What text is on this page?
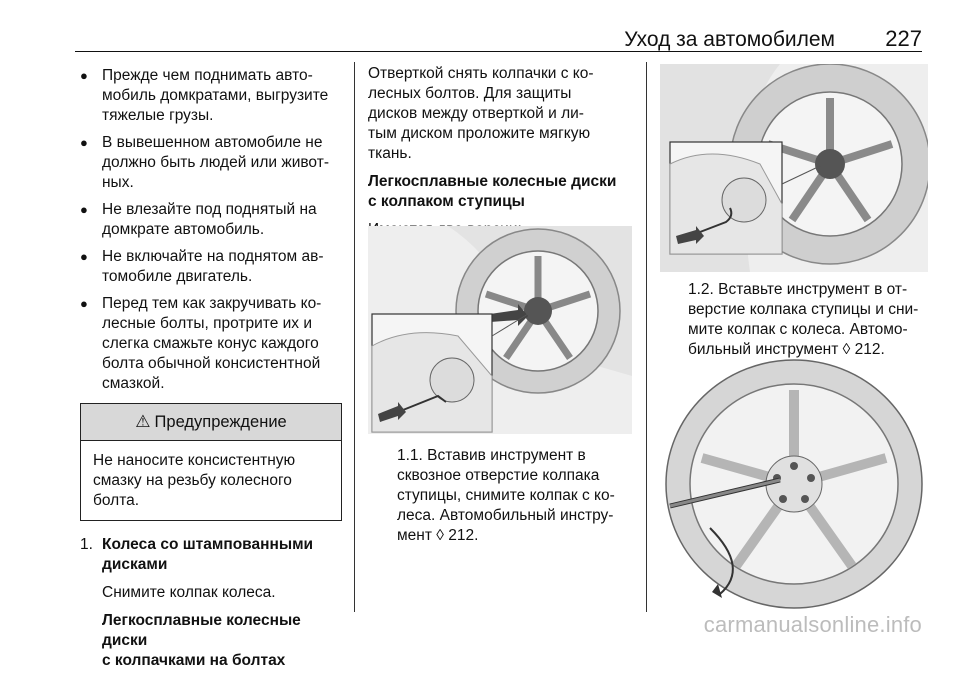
Уход за автомобилем 227
● Прежде чем поднимать авто-
мобиль домкратами, выгрузите
тяжелые грузы.
● В вывешенном автомобиле не
должно быть людей или живот-
ных.
● Не влезайте под поднятый на
домкрате автомобиль.
● Не включайте на поднятом ав-
томобиле двигатель.
● Перед тем как закручивать ко-
лесные болты, протрите их и
слегка смажьте конус каждого
болта обычной консистентной
смазкой.
⚠ Предупреждение
Не наносите консистентную
смазку на резьбу колесного
болта.
1. Колеса со штампованными
дисками
Снимите колпак колеса.
Легкосплавные колесные диски
с колпачками на болтах
Отверткой снять колпачки с ко-
лесных болтов. Для защиты
дисков между отверткой и ли-
тым диском проложите мягкую
ткань.
Легкосплавные колесные диски
с колпаком ступицы
1.1. Вставив инструмент в
сквозное отверстие колпака
ступицы, снимите колпак с ко-
леса. Автомобильный инстру-
мент ◊ 212.
1.2. Вставьте инструмент в от-
верстие колпака ступицы и сни-
мите колпак с колеса. Автомо-
бильный инструмент ◊ 212.
carmanualsonline.info
